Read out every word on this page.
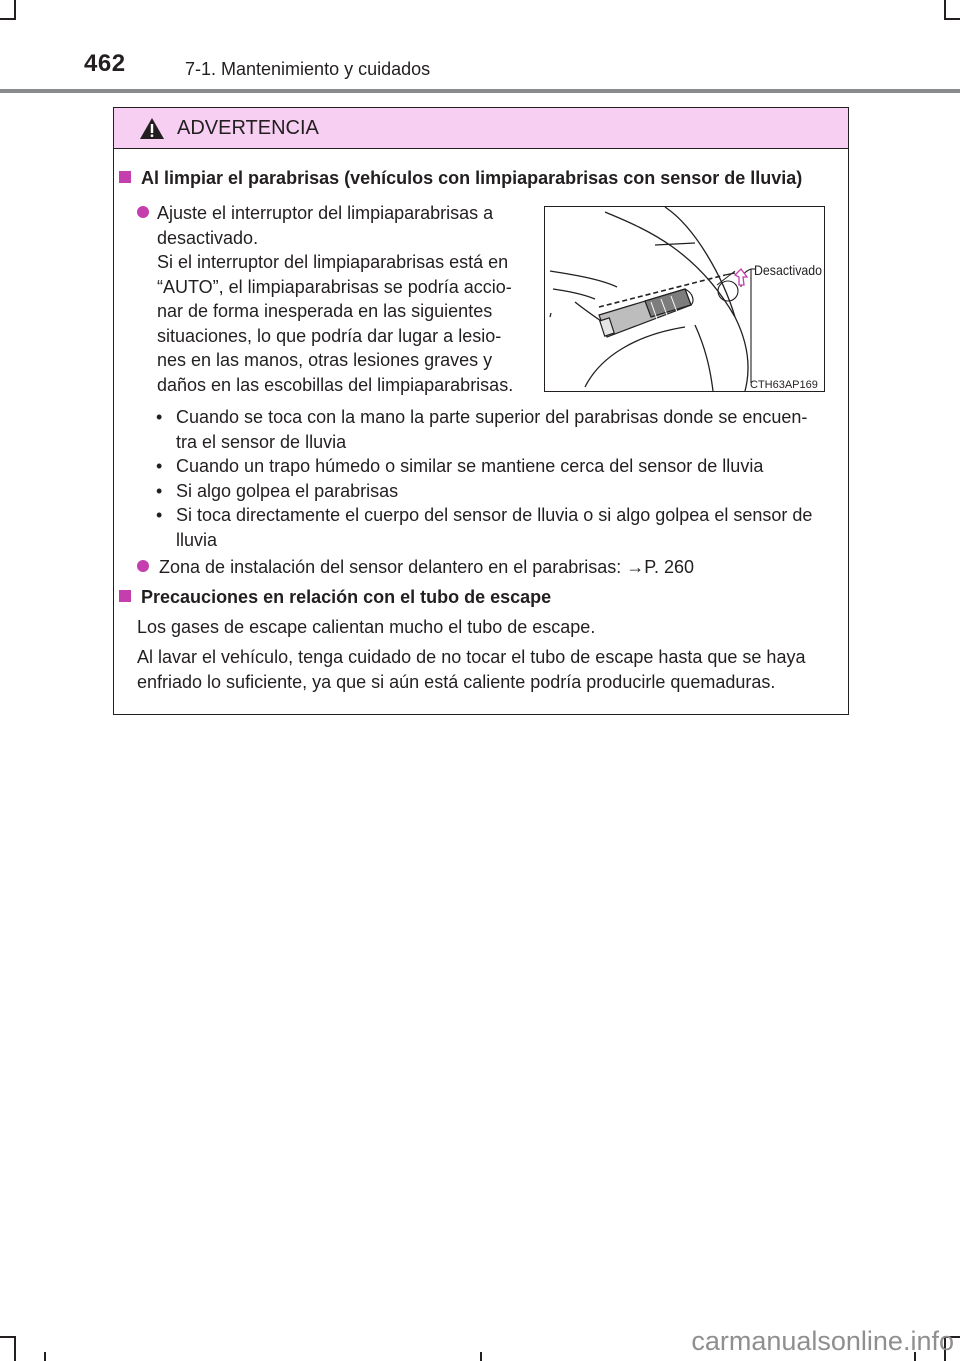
462	7-1. Mantenimiento y cuidados
ADVERTENCIA
Al limpiar el parabrisas (vehículos con limpiaparabrisas con sensor de lluvia)

Ajuste el interruptor del limpiaparabrisas a

desactivado.

Si el interruptor del limpiaparabrisas está en

“AUTO”, el limpiaparabrisas se podría accio-

nar de forma inesperada en las siguientes

situaciones, lo que podría dar lugar a lesio-

nes en las manos, otras lesiones graves y

daños en las escobillas del limpiaparabrisas.

Desactivado
CTH63AP169
• Cuando se toca con la mano la parte superior del parabrisas donde se encuen-
tra el sensor de lluvia
• Cuando un trapo húmedo o similar se mantiene cerca del sensor de lluvia
• Si algo golpea el parabrisas
• Si toca directamente el cuerpo del sensor de lluvia o si algo golpea el sensor de
lluvia
Zona de instalación del sensor delantero en el parabrisas: →P. 260
Precauciones en relación con el tubo de escape
Los gases de escape calientan mucho el tubo de escape.
Al lavar el vehículo, tenga cuidado de no tocar el tubo de escape hasta que se haya
enfriado lo suficiente, ya que si aún está caliente podría producirle quemaduras.
carmanualsonline.info
